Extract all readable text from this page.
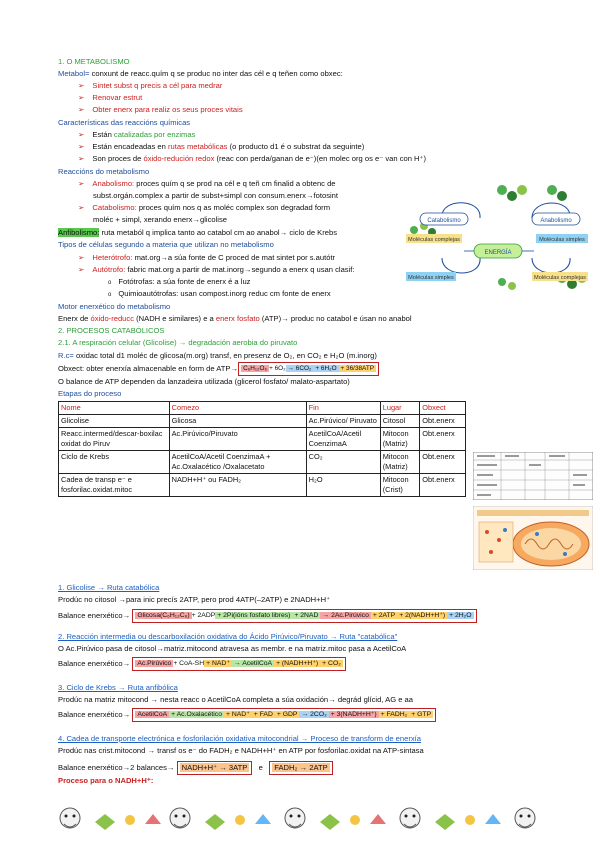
1. O METABOLISMO
Metabol= conxunt de reacc.quím q se produc no inter das cél e q teñen como obxec:
➢ Sintet subst q precis a cél para medrar
➢ Renovar estrut
➢ Obter enerx para realiz os seus proces vitais
Características das reaccións químicas
➢ Están catalizadas por enzimas
➢ Están encadeadas en rutas metabólicas (o producto d1 é o substrat da seguinte)
➢ Son proces de óxido-redución redox (reac con perda/ganan de e⁻)(en molec org os e⁻ van con H⁺)
Reaccións do metabolismo
➢ Anabolismo: proces quím q se prod na cél e q teñ cm finalid a obtenc de
subst.orgán.complex a partir de subst+simpl con consum.enerx→fotosint
➢ Catabolismo: proces quím nos q as moléc complex son degradad form
moléc + simpl, xerando enerx→glicolise
Anfibolismo: ruta metaból q implica tanto ao catabol cm ao anabol→ ciclo de Krebs
Tipos de células segundo a materia que utilizan no metabolismo
➢ Heterótrofo: mat.org→a súa fonte de C proced de mat sintet por s.autótr
➢ Autótrofo: fabric mat.org a partir de mat.inorg→segundo a enerx q usan clasif:
o Fotótrofas: a súa fonte de enerx é a luz
o Quimioautótrofas: usan compost.inorg reduc cm fonte de enerx
Motor enerxético do metabolismo
Enerx de óxido-reducc (NADH e similares) e a enerx fosfato (ATP)→ produc no catabol e úsan no anabol
2. PROCESOS CATABÓLICOS
2.1. A respiración celular (Glicolise) → degradación aerobia do piruvato
R.c= oxidac total d1 moléc de glicosa(m.org) transf, en presenz de O₂, en CO₂ e H₂O (m.inorg)
Obxect: obter enerxía almacenable en form de ATP→ C₆H₁₂O₆ + 6O₂ → 6CO₂ + 6H₂O + 36/38ATP
O balance de ATP dependen da lanzadeira utilizada (glicerol fosfato/ malato-aspartato)
Etapas do proceso
Nome	Comezo	Fin	Lugar	Obxect
Glicolise	Glicosa	Ac.Pirúvico/ Piruvato	Citosol	Obt.enerx
Reacc.intermed/descar-boxilac oxidat do Piruv	Ac.Pirúvico/Piruvato	AcetilCoA/Acetil CoenzimaA	Mitocon (Matriz)	Obt.enerx
Ciclo de Krebs	AcetilCoA/Acetil CoenzimaA + Ac.Oxalacético /Oxalacetato	CO₂	Mitocon (Matriz)	Obt.enerx
Cadea de transp e⁻ e fosforilac.oxidat.mitoc	NADH+H⁺ ou FADH₂	H₂O	Mitocon (Crist)	Obt.enerx
1. Glicolise → Ruta catabólica
Prodúc no citosol →para inic precís 2ATP, pero prod 4ATP(–2ATP) e 2NADH+H⁺
Balance enerxético→ Glicosa(C₆H₁₂C₆) + 2ADP + 2Pi(ións fosfato libres) + 2NAD → 2Ac.Pirúvico + 2ATP + 2(NADH+H⁺) + 2H₂O
2. Reacción intermedia ou descarboxilación oxidativa do Ácido Pirúvico/Piruvato → Ruta "catabólica"
O Ac.Pirúvico pasa de citosol→matriz.mitocond atravesa as membr. e na matriz.mitoc pasa a AcetilCoA
Balance enerxético→ Ac.Pirúvico + CoA-SH + NAD⁺ → AcetilCoA + (NADH+H⁺) + CO₂
3. Ciclo de Krebs → Ruta anfibólica
Prodúc na matriz mitocond → nesta reacc o AcetilCoA completa a súa oxidación→ degrád glícid, AG e aa
Balance enerxético→ AcetilCoA + Ac.Oxalacético + NAD⁺ + FAD + GDP → 2CO₂ + 3(NADH+H⁺) + FADH₂ + GTP
4. Cadea de transporte electrónica e fosforilación oxidativa mitocondrial → Proceso de transform de enerxía
Prodúc nas crist.mitocond → transf os e⁻ do FADH₂ e NADH+H⁺ en ATP por fosforilac.oxidat na ATP-sintasa
Balance enerxético→2 balances→ NADH+H⁺ → 3ATP e FADH₂ → 2ATP
Proceso para o NADH+H⁺:
Catabolismo	Anabolismo
Moléculas complejas	Moléculas simples
ENERGÍA
Moléculas simples	Moléculas complejas
